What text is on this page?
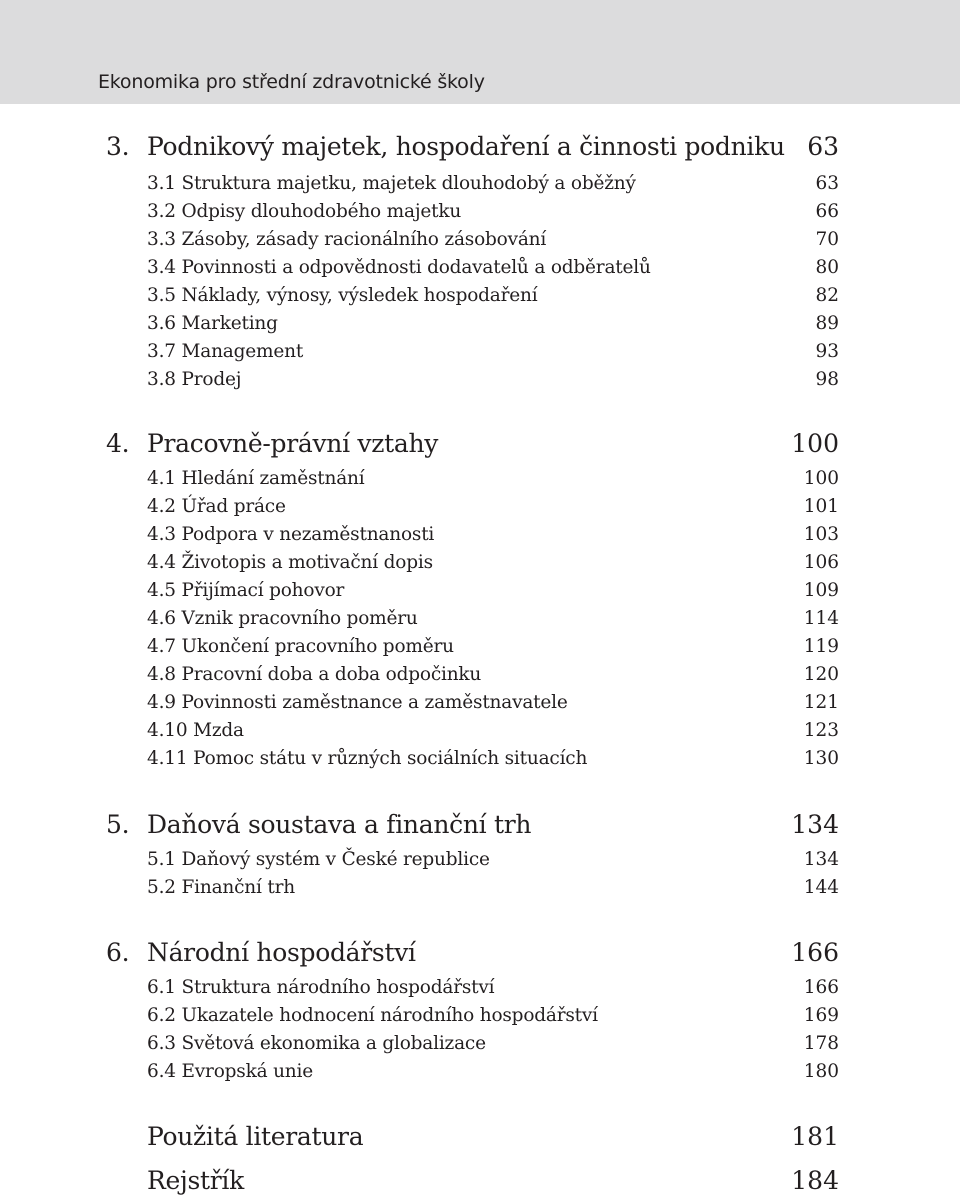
Ekonomika pro střední zdravotnické školy
3. Podnikový majetek, hospodaření a činnosti podniku 63
3.1 Struktura majetku, majetek dlouhodobý a oběžný	63
3.2 Odpisy dlouhodobého majetku	66
3.3 Zásoby, zásady racionálního zásobování	70
3.4 Povinnosti a odpovědnosti dodavatelů a odběratelů	80
3.5 Náklady, výnosy, výsledek hospodaření	82
3.6 Marketing	89
3.7 Management	93
3.8 Prodej	98
4. Pracovně-právní vztahy	100
4.1 Hledání zaměstnání	100
4.2 Úřad práce	101
4.3 Podpora v nezaměstnanosti	103
4.4 Životopis a motivační dopis	106
4.5 Přijímací pohovor	109
4.6 Vznik pracovního poměru	114
4.7 Ukončení pracovního poměru	119
4.8 Pracovní doba a doba odpočinku	120
4.9 Povinnosti zaměstnance a zaměstnavatele	121
4.10 Mzda	123
4.11 Pomoc státu v různých sociálních situacích	130
5. Daňová soustava a finanční trh	134
5.1 Daňový systém v České republice	134
5.2 Finanční trh	144
6. Národní hospodářství	166
6.1 Struktura národního hospodářství	166
6.2 Ukazatele hodnocení národního hospodářství	169
6.3 Světová ekonomika a globalizace	178
6.4 Evropská unie	180
Použitá literatura	181
Rejstřík	184
